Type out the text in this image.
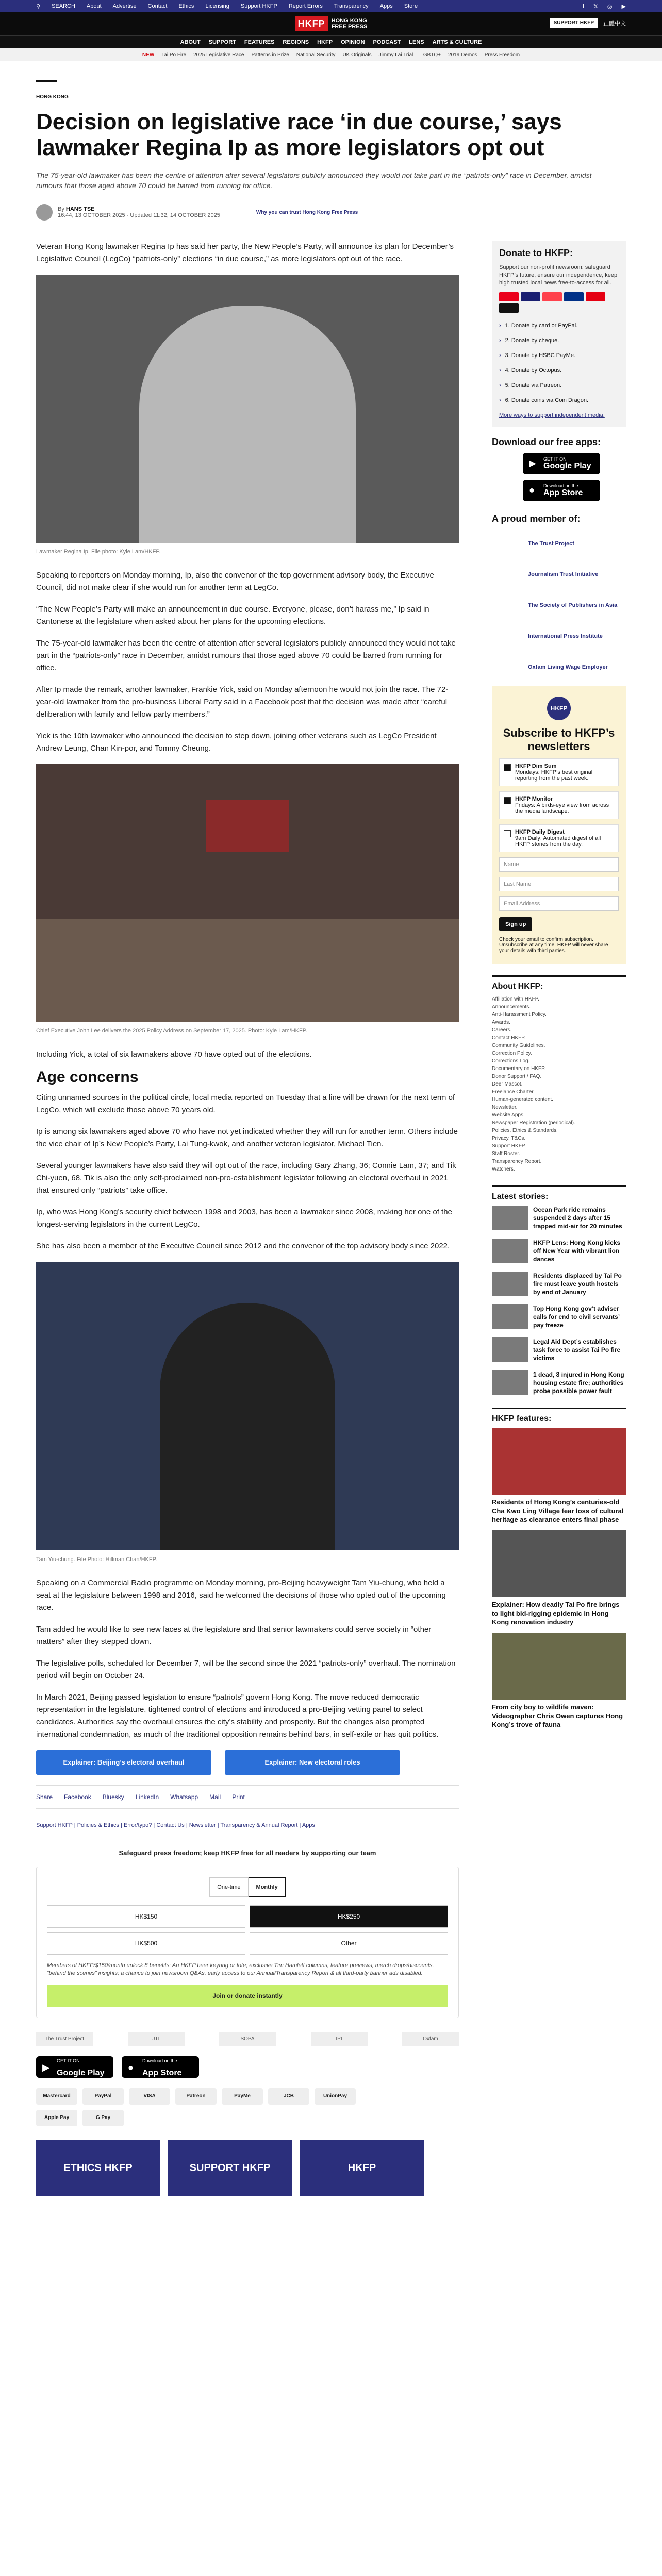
⚲ SEARCH About Advertise Contact Ethics Licensing Support HKFP Report Errors Transparency Apps Store	f 𝕏 ◎ ▶
HKFP	HONG KONG
FREE PRESS
SUPPORT HKFP	正體中文
ABOUT SUPPORT FEATURES REGIONS HKFP OPINION PODCAST LENS ARTS & CULTURE
NEW Tai Po Fire 2025 Legislative Race Patterns in Prize National Security UK Originals Jimmy Lai Trial LGBTQ+ 2019 Demos Press Freedom
HONG KONG
Decision on legislative race ‘in due course,’ says lawmaker Regina Ip as more legislators opt out
The 75-year-old lawmaker has been the centre of attention after several legislators publicly announced they would not take part in the “patriots-only” race in December, amidst rumours that those aged above 70 could be barred from running for office.
By HANS TSE
16:44, 13 OCTOBER 2025 · Updated 11:32, 14 OCTOBER 2025	Why you can trust Hong Kong Free Press

Veteran Hong Kong lawmaker Regina Ip has said her party, the New People’s Party, will announce its plan for December’s Legislative Council (LegCo) “patriots-only” elections “in due course,” as more legislators opt out of the race.

Lawmaker Regina Ip. File photo: Kyle Lam/HKFP.

Speaking to reporters on Monday morning, Ip, also the convenor of the top government advisory body, the Executive Council, did not make clear if she would run for another term at LegCo.

“The New People’s Party will make an announcement in due course. Everyone, please, don’t harass me,” Ip said in Cantonese at the legislature when asked about her plans for the upcoming elections.

The 75-year-old lawmaker has been the centre of attention after several legislators publicly announced they would not take part in the “patriots-only” race in December, amidst rumours that those aged above 70 could be barred from running for office.

After Ip made the remark, another lawmaker, Frankie Yick, said on Monday afternoon he would not join the race. The 72-year-old lawmaker from the pro-business Liberal Party said in a Facebook post that the decision was made after “careful deliberation with family and fellow party members.”

Yick is the 10th lawmaker who announced the decision to step down, joining other veterans such as LegCo President Andrew Leung, Chan Kin-por, and Tommy Cheung.

Chief Executive John Lee delivers the 2025 Policy Address on September 17, 2025. Photo: Kyle Lam/HKFP.

Including Yick, a total of six lawmakers above 70 have opted out of the elections.

Age concerns

Citing unnamed sources in the political circle, local media reported on Tuesday that a line will be drawn for the next term of LegCo, which will exclude those above 70 years old.

Ip is among six lawmakers aged above 70 who have not yet indicated whether they will run for another term. Others include the vice chair of Ip’s New People’s Party, Lai Tung-kwok, and another veteran legislator, Michael Tien.

Several younger lawmakers have also said they will opt out of the race, including Gary Zhang, 36; Connie Lam, 37; and Tik Chi-yuen, 68. Tik is also the only self-proclaimed non-pro-establishment legislator following an electoral overhaul in 2021 that ensured only “patriots” take office.

Ip, who was Hong Kong’s security chief between 1998 and 2003, has been a lawmaker since 2008, making her one of the longest-serving legislators in the current LegCo.

She has also been a member of the Executive Council since 2012 and the convenor of the top advisory body since 2022.

Tam Yiu-chung. File Photo: Hillman Chan/HKFP.

Speaking on a Commercial Radio programme on Monday morning, pro-Beijing heavyweight Tam Yiu-chung, who held a seat at the legislature between 1998 and 2016, said he welcomed the decisions of those who opted out of the upcoming race.

Tam added he would like to see new faces at the legislature and that senior lawmakers could serve society in “other matters” after they stepped down.

The legislative polls, scheduled for December 7, will be the second since the 2021 “patriots-only” overhaul. The nomination period will begin on October 24.

In March 2021, Beijing passed legislation to ensure “patriots” govern Hong Kong. The move reduced democratic representation in the legislature, tightened control of elections and introduced a pro-Beijing vetting panel to select candidates. Authorities say the overhaul ensures the city’s stability and prosperity. But the changes also prompted international condemnation, as much of the traditional opposition remains behind bars, in self-exile or has quit politics.

Explainer: Beijing’s electoral overhaul	Explainer: New electoral roles
Share Facebook Bluesky LinkedIn Whatsapp Mail Print
Support HKFP | Policies & Ethics | Error/typo? | Contact Us | Newsletter | Transparency & Annual Report | Apps
Safeguard press freedom; keep HKFP free for all readers by supporting our team
One-time	Monthly
HK$150	HK$250
HK$500	Other
Members of HKFP/$150/month unlock 8 benefits: An HKFP beer keyring or tote; exclusive Tim Hamlett columns, feature previews; merch drops/discounts, “behind the scenes” insights; a chance to join newsroom Q&As, early access to our Annual/Transparency Report & all third-party banner ads disabled.
Join or donate instantly
The Trust Project	JTI	SOPA	IPI	Oxfam
▶
GET IT ON
Google Play
●
Download on the
App Store
Mastercard	PayPal	VISA	Patreon	PayMe	JCB	UnionPay
Apple Pay	G Pay
ETHICS HKFP	SUPPORT HKFP	HKFP
Donate to HKFP:
Support our non-profit newsroom: safeguard HKFP’s future, ensure our independence, keep high trusted local news free-to-access for all.
› 1. Donate by card or PayPal.
› 2. Donate by cheque.
› 3. Donate by HSBC PayMe.
› 4. Donate by Octopus.
› 5. Donate via Patreon.
› 6. Donate coins via Coin Dragon.
More ways to support independent media.
Download our free apps:
▶ GET IT ON
Google Play
● Download on the
App Store
A proud member of:
The Trust Project
Journalism Trust Initiative
The Society of Publishers in Asia
International Press Institute
Oxfam Living Wage Employer
HKFP
Subscribe to HKFP’s newsletters
HKFP Dim Sum
Mondays: HKFP’s best original reporting from the past week.
HKFP Monitor
Fridays: A birds-eye view from across the media landscape.
HKFP Daily Digest
9am Daily: Automated digest of all HKFP stories from the day.
Name
Last Name
Email Address
Sign up
Check your email to confirm subscription. Unsubscribe at any time. HKFP will never share your details with third parties.
About HKFP:
Affiliation with HKFP.
Announcements.
Anti-Harassment Policy.
Awards.
Careers.
Contact HKFP.
Community Guidelines.
Correction Policy.
Corrections Log.
Documentary on HKFP.
Donor Support / FAQ.
Deer Mascot.
Freelance Charter.
Human-generated content.
Newsletter.
Website Apps.
Newspaper Registration (periodical).
Policies, Ethics & Standards.
Privacy, T&Cs.
Support HKFP.
Staff Roster.
Transparency Report.
Watchers.
Latest stories:
Ocean Park ride remains suspended 2 days after 15 trapped mid-air for 20 minutes
HKFP Lens: Hong Kong kicks off New Year with vibrant lion dances
Residents displaced by Tai Po fire must leave youth hostels by end of January
Top Hong Kong gov’t adviser calls for end to civil servants’ pay freeze
Legal Aid Dept’s establishes task force to assist Tai Po fire victims
1 dead, 8 injured in Hong Kong housing estate fire; authorities probe possible power fault
HKFP features:

Residents of Hong Kong’s centuries-old Cha Kwo Ling Village fear loss of cultural heritage as clearance enters final phase

Explainer: How deadly Tai Po fire brings to light bid-rigging epidemic in Hong Kong renovation industry

From city boy to wildlife maven: Videographer Chris Owen captures Hong Kong’s trove of fauna
